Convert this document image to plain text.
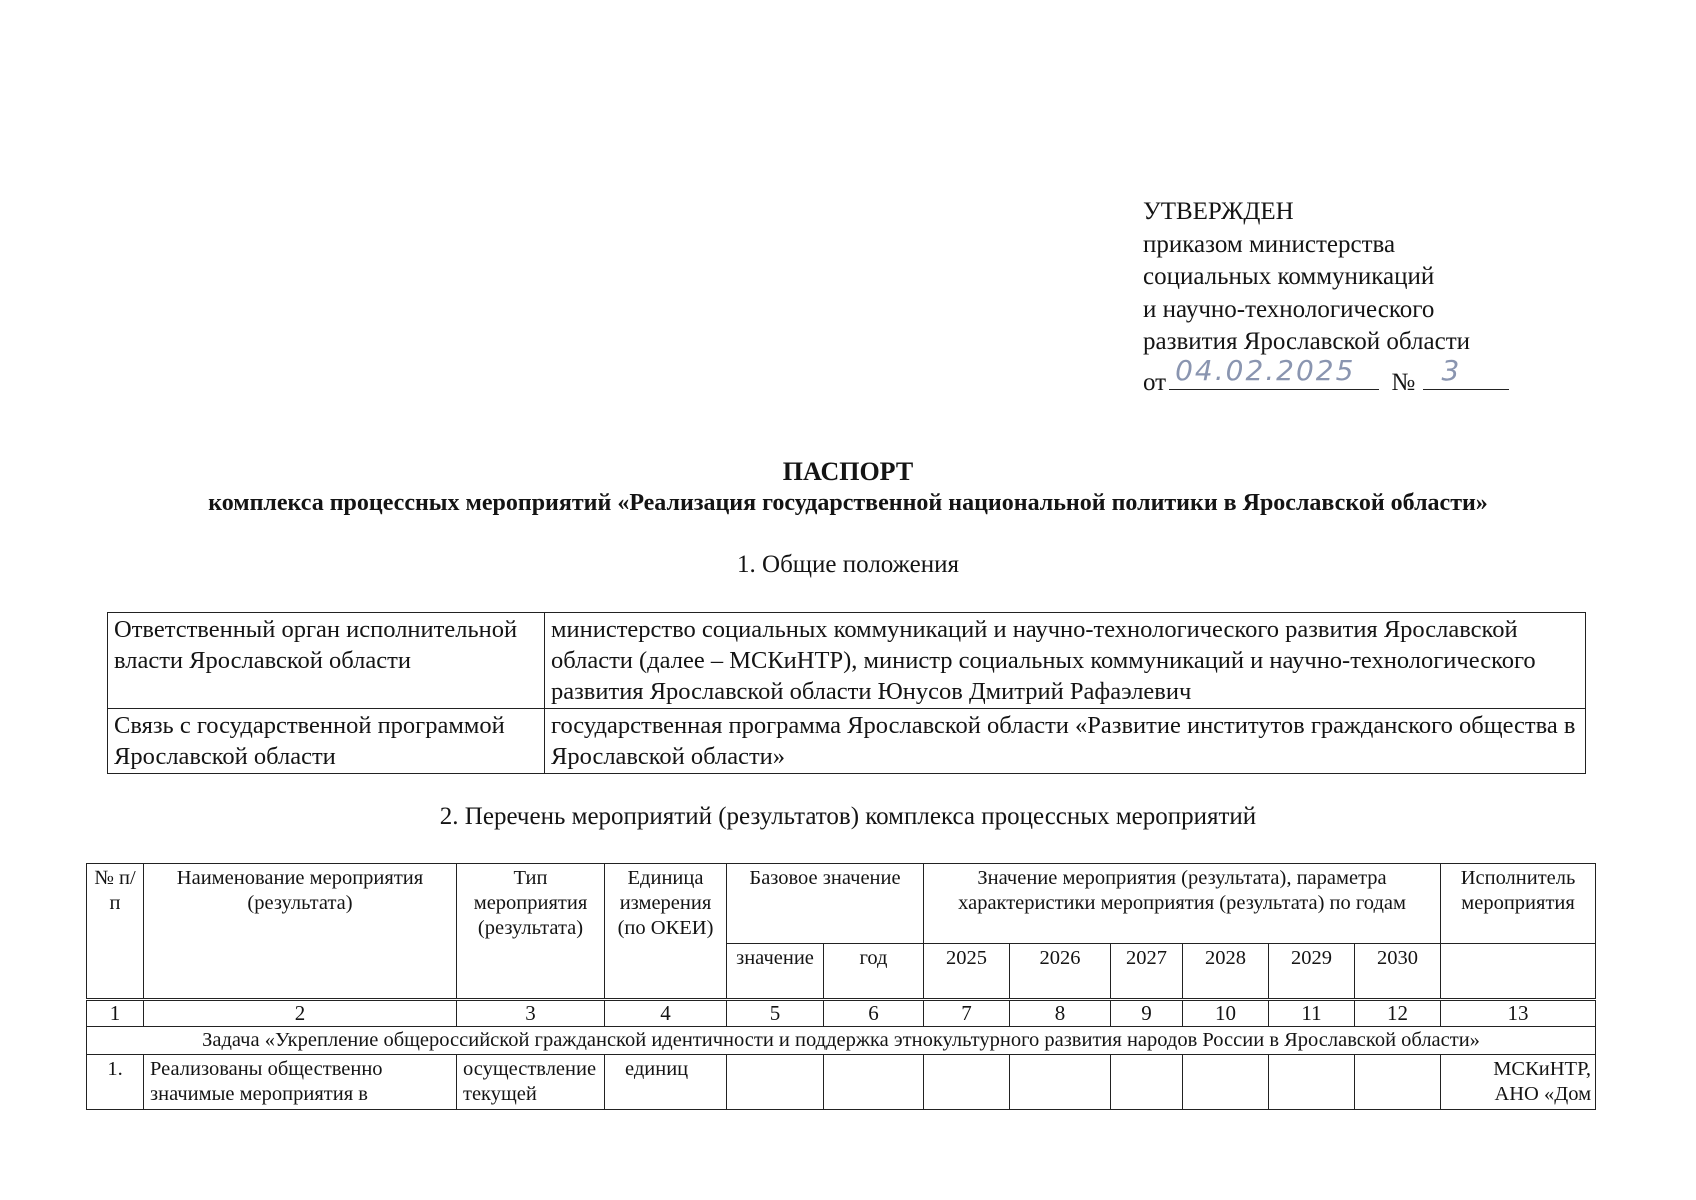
УТВЕРЖДЕН
приказом министерства
социальных коммуникаций
и научно-технологического
развития Ярославской области
от 04.02.2025 № 3
ПАСПОРТ
комплекса процессных мероприятий «Реализация государственной национальной политики в Ярославской области»
1. Общие положения
Ответственный орган исполнительной власти Ярославской области	министерство социальных коммуникаций и научно-технологического развития Ярославской области (далее – МСКиНТР), министр социальных коммуникаций и научно-технологического развития Ярославской области Юнусов Дмитрий Рафаэлевич
Связь с государственной программой Ярославской области	государственная программа Ярославской области «Развитие институтов гражданского общества в Ярославской области»
2. Перечень мероприятий (результатов) комплекса процессных мероприятий
№ п/п	Наименование мероприятия (результата)	Тип мероприятия (результата)	Единица измерения (по ОКЕИ)	Базовое значение		Значение мероприятия (результата), параметра характеристики мероприятия (результата) по годам						Исполнитель мероприятия
				значение	год	2025	2026	2027	2028	2029	2030	
1	2	3	4	5	6	7	8	9	10	11	12	13
Задача «Укрепление общероссийской гражданской идентичности и поддержка этнокультурного развития народов России в Ярославской области»												
1.	Реализованы общественно значимые мероприятия в	осуществление текущей	единиц									МСКиНТР, АНО «Дом
